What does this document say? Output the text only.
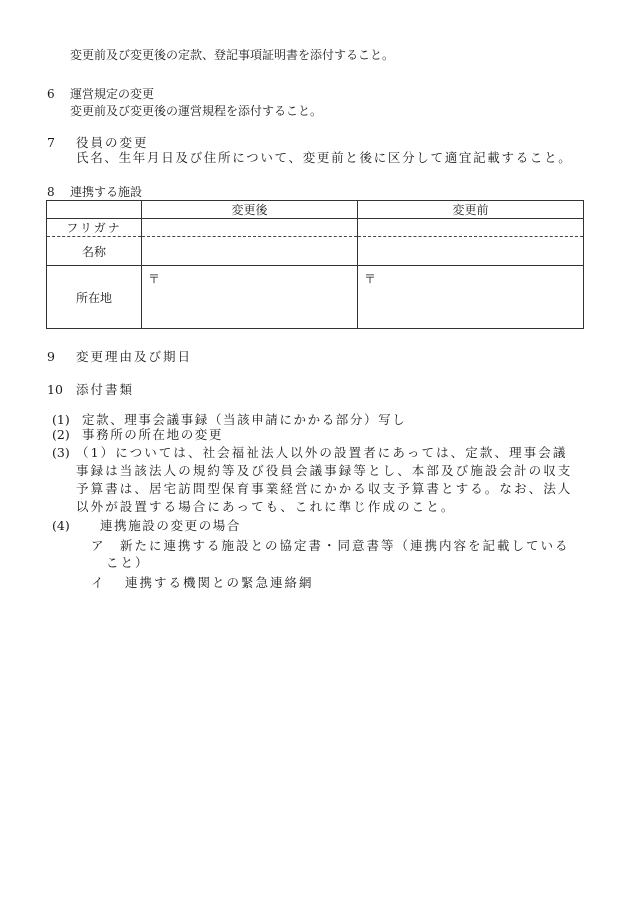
変更前及び変更後の定款、登記事項証明書を添付すること。
6 運営規定の変更
変更前及び変更後の運営規程を添付すること。
7 役員の変更
氏名、生年月日及び住所について、変更前と後に区分して適宜記載すること。
8 連携する施設
	変更後	変更前
フリガナ		
名称		
所在地	〒	〒
9 変更理由及び期日
10 添付書類
(1) 定款、理事会議事録（当該申請にかかる部分）写し
(2) 事務所の所在地の変更
(3) （1）については、社会福祉法人以外の設置者にあっては、定款、理事会議
事録は当該法人の規約等及び役員会議事録等とし、本部及び施設会計の収支
予算書は、居宅訪問型保育事業経営にかかる収支予算書とする。なお、法人
以外が設置する場合にあっても、これに準じ作成のこと。
(4) 連携施設の変更の場合
ア 新たに連携する施設との協定書・同意書等（連携内容を記載している
こと）
イ 連携する機関との緊急連絡網
